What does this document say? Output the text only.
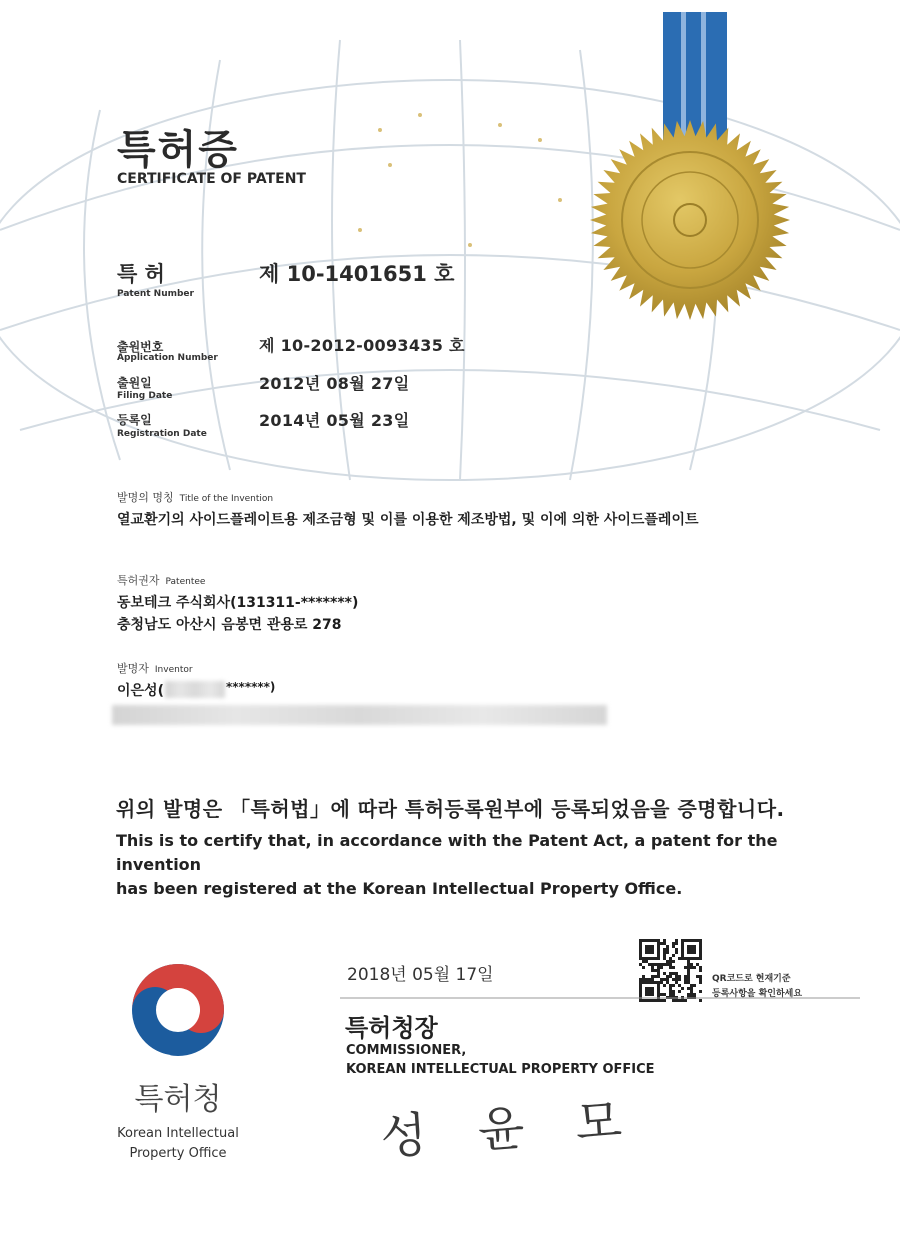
특허증
CERTIFICATE OF PATENT
특 허
Patent Number
제 10-1401651 호
출원번호
Application Number
제 10-2012-0093435 호
출원일
Filing Date
2012년 08월 27일
등록일
Registration Date
2014년 05월 23일
발명의 명칭 Title of the Invention
열교환기의 사이드플레이트용 제조금형 및 이를 이용한 제조방법, 및 이에 의한 사이드플레이트
특허권자 Patentee
동보테크 주식회사(131311-*******)
충청남도 아산시 음봉면 관용로 278
발명자 Inventor
이은성(	*******)
위의 발명은 「특허법」에 따라 특허등록원부에 등록되었음을 증명합니다.
This is to certify that, in accordance with the Patent Act, a patent for the invention
has been registered at the Korean Intellectual Property Office.
2018년 05월 17일	QR코드로 현재기준
등록사항을 확인하세요
특허청장
COMMISSIONER,
KOREAN INTELLECTUAL PROPERTY OFFICE
성 윤 모
특허청
Korean Intellectual
Property Office
